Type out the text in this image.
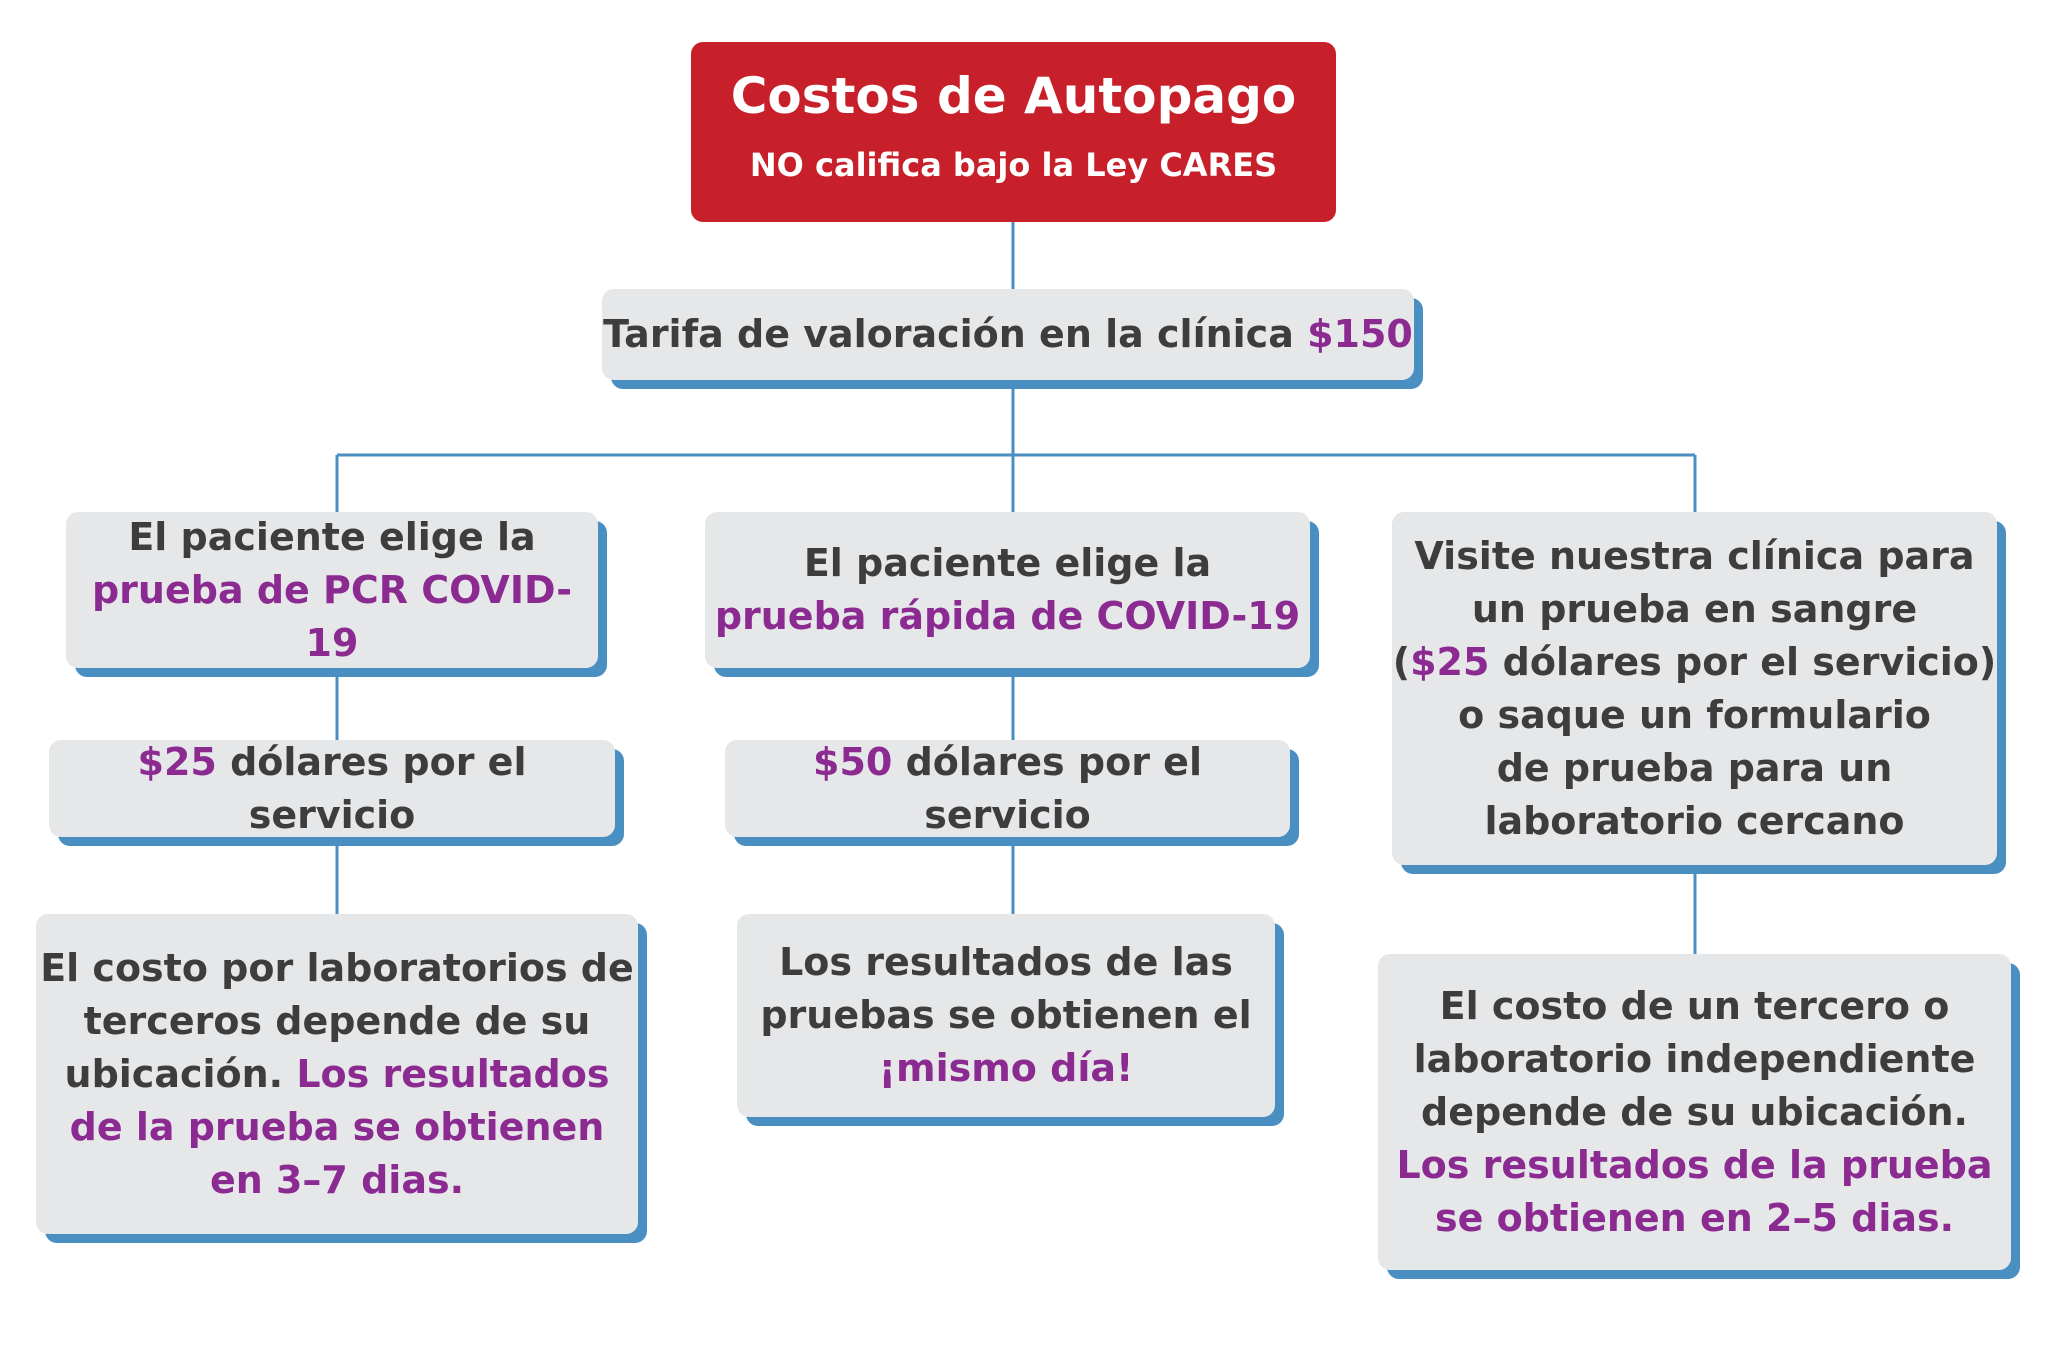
Costos de Autopago
NO califica bajo la Ley CARES
Tarifa de valoración en la clínica $150
El paciente elige la
prueba de PCR COVID-19
$25 dólares por el servicio
El costo por laboratorios de
terceros depende de su
ubicación. Los resultados
de la prueba se obtienen
en 3–7 dias.
El paciente elige la
prueba rápida de COVID-19
$50 dólares por el servicio
Los resultados de las
pruebas se obtienen el
¡mismo día!
Visite nuestra clínica para
un prueba en sangre
($25 dólares por el servicio)
o saque un formulario
de prueba para un
laboratorio cercano
El costo de un tercero o
laboratorio independiente
depende de su ubicación.
Los resultados de la prueba
se obtienen en 2–5 dias.
